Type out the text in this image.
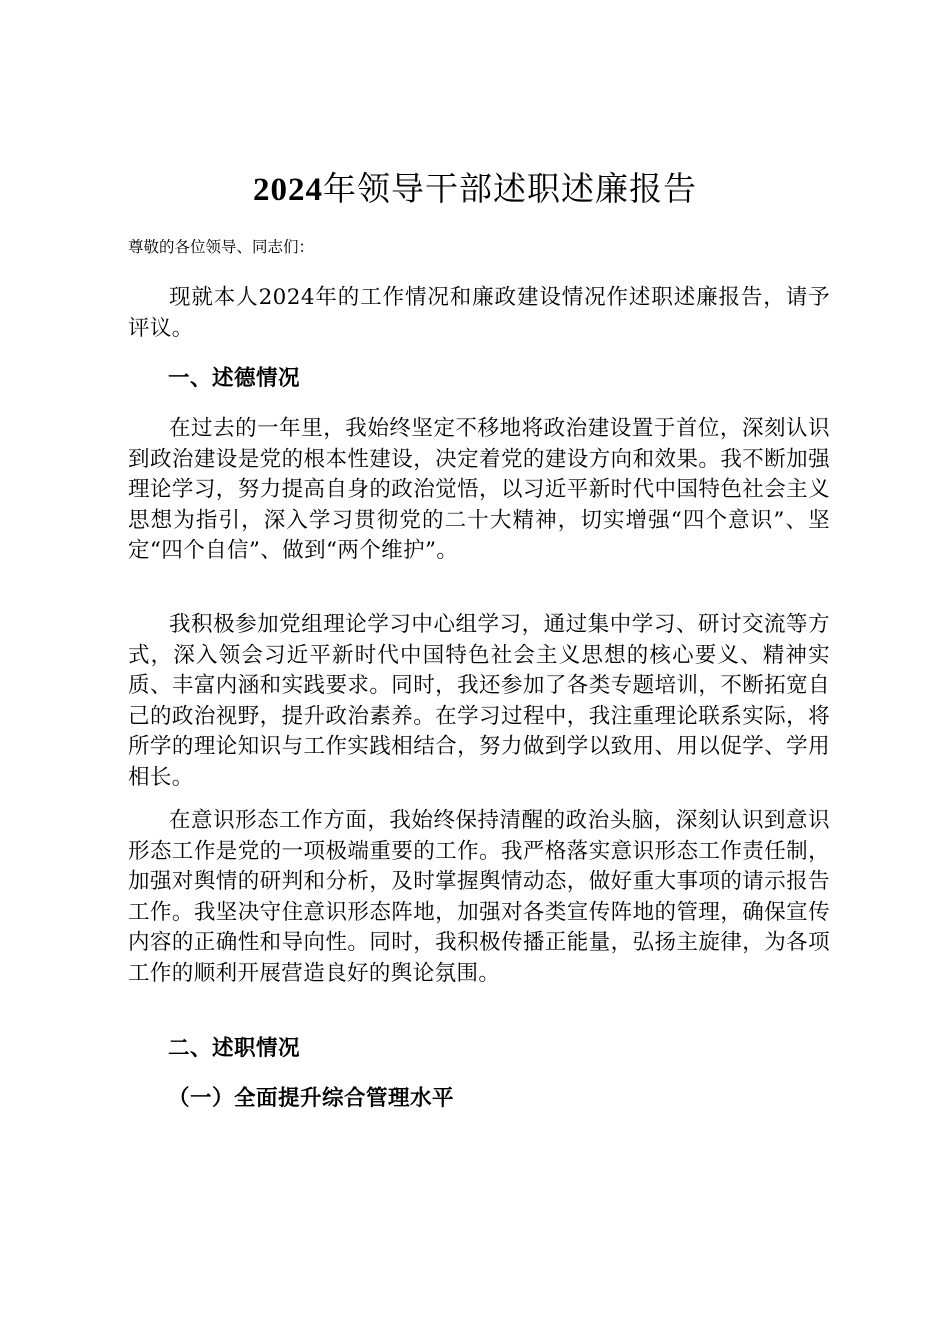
2024年领导干部述职述廉报告
尊敬的各位领导、同志们：

现就本人2024年的工作情况和廉政建设情况作述职述廉报告，请予评议。

一、述德情况

在过去的一年里，我始终坚定不移地将政治建设置于首位，深刻认识到政治建设是党的根本性建设，决定着党的建设方向和效果。我不断加强理论学习，努力提高自身的政治觉悟，以习近平新时代中国特色社会主义思想为指引，深入学习贯彻党的二十大精神，切实增强“四个意识”、坚定“四个自信”、做到“两个维护”。

我积极参加党组理论学习中心组学习，通过集中学习、研讨交流等方式，深入领会习近平新时代中国特色社会主义思想的核心要义、精神实质、丰富内涵和实践要求。同时，我还参加了各类专题培训，不断拓宽自己的政治视野，提升政治素养。在学习过程中，我注重理论联系实际，将所学的理论知识与工作实践相结合，努力做到学以致用、用以促学、学用相长。

在意识形态工作方面，我始终保持清醒的政治头脑，深刻认识到意识形态工作是党的一项极端重要的工作。我严格落实意识形态工作责任制，加强对舆情的研判和分析，及时掌握舆情动态，做好重大事项的请示报告工作。我坚决守住意识形态阵地，加强对各类宣传阵地的管理，确保宣传内容的正确性和导向性。同时，我积极传播正能量，弘扬主旋律，为各项工作的顺利开展营造良好的舆论氛围。

二、述职情况

（一）全面提升综合管理水平
